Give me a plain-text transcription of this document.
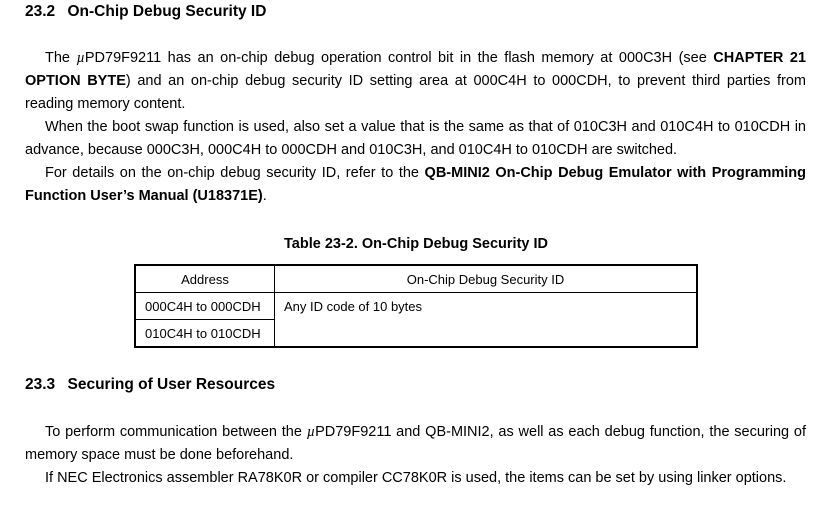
23.2 On-Chip Debug Security ID

The µPD79F9211 has an on-chip debug operation control bit in the flash memory at 000C3H (see CHAPTER 21 OPTION BYTE) and an on-chip debug security ID setting area at 000C4H to 000CDH, to prevent third parties from reading memory content.

When the boot swap function is used, also set a value that is the same as that of 010C3H and 010C4H to 010CDH in advance, because 000C3H, 000C4H to 000CDH and 010C3H, and 010C4H to 010CDH are switched.

For details on the on-chip debug security ID, refer to the QB-MINI2 On-Chip Debug Emulator with Programming Function User’s Manual (U18371E).

Table 23-2. On-Chip Debug Security ID
Address	On-Chip Debug Security ID
000C4H to 000CDH	Any ID code of 10 bytes
010C4H to 010CDH	
23.3 Securing of User Resources

To perform communication between the µPD79F9211 and QB-MINI2, as well as each debug function, the securing of memory space must be done beforehand.

If NEC Electronics assembler RA78K0R or compiler CC78K0R is used, the items can be set by using linker options.
